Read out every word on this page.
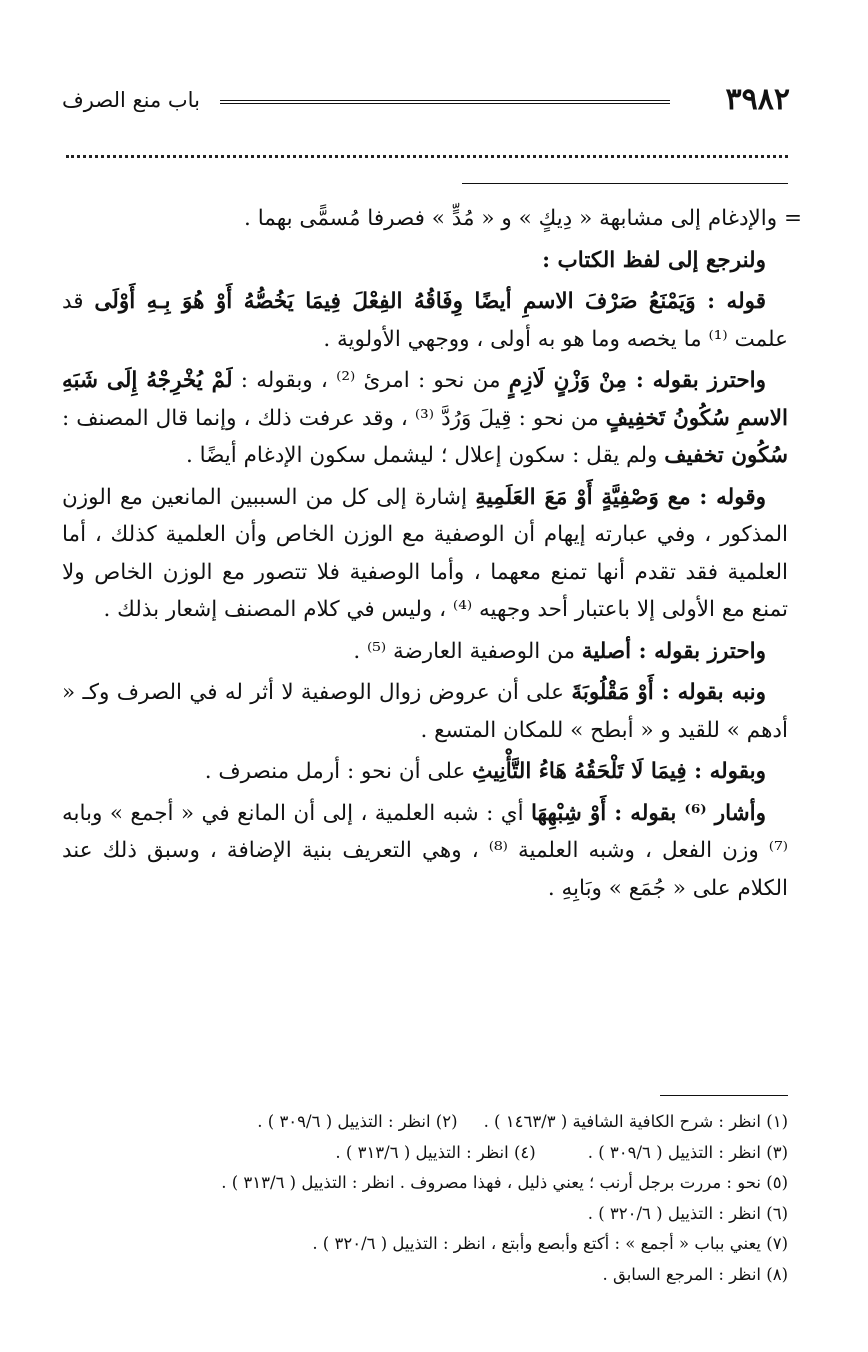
٣٩٨٢
باب منع الصرف

= والإدغام إلى مشابهة « دِيكٍ » و « مُدٍّ » فصرفا مُسمًّى بهما .

ولنرجع إلى لفظ الكتاب :

قوله : وَيَمْنَعُ صَرْفَ الاسمِ أيضًا وِفَاقُهُ الفِعْلَ فِيمَا يَخُصُّهُ أَوْ هُوَ بِـهِ أَوْلَى قد علمت ⁽¹⁾ ما يخصه وما هو به أولى ، ووجهي الأولوية .

واحترز بقوله : مِنْ وَزْنٍ لَازِمٍ من نحو : امرئ ⁽²⁾ ، وبقوله : لَمْ يُخْرِجْهُ إِلَى شَبَهِ الاسمِ سُكُونُ تَخفِيفٍ من نحو : قِيلَ وَرُدَّ ⁽³⁾ ، وقد عرفت ذلك ، وإنما قال المصنف : سُكُون تخفيف ولم يقل : سكون إعلال ؛ ليشمل سكون الإدغام أيضًا .

وقوله : مع وَصْفِيَّةٍ أَوْ مَعَ العَلَمِيةِ إشارة إلى كل من السببين المانعين مع الوزن المذكور ، وفي عبارته إيهام أن الوصفية مع الوزن الخاص وأن العلمية كذلك ، أما العلمية فقد تقدم أنها تمنع معهما ، وأما الوصفية فلا تتصور مع الوزن الخاص ولا تمنع مع الأولى إلا باعتبار أحد وجهيه ⁽⁴⁾ ، وليس في كلام المصنف إشعار بذلك .

واحترز بقوله : أصلية من الوصفية العارضة ⁽⁵⁾ .

ونبه بقوله : أَوْ مَقْلُوبَةَ على أن عروض زوال الوصفية لا أثر له في الصرف وكـ « أدهم » للقيد و « أبطح » للمكان المتسع .

وبقوله : فِيمَا لَا تَلْحَقُهُ هَاءُ التَّأْنِيثِ على أن نحو : أرمل منصرف .

وأشار ⁽⁶⁾ بقوله : أَوْ شِبْهِهَا أي : شبه العلمية ، إلى أن المانع في « أجمع » وبابه ⁽⁷⁾ وزن الفعل ، وشبه العلمية ⁽⁸⁾ ، وهي التعريف بنية الإضافة ، وسبق ذلك عند الكلام على « جُمَع » وبَابِهِ .

(١) انظر : شرح الكافية الشافية ( ١٤٦٣/٣ ) .(٢) انظر : التذييل ( ٣٠٩/٦ ) .

(٣) انظر : التذييل ( ٣٠٩/٦ ) .(٤) انظر : التذييل ( ٣١٣/٦ ) .

(٥) نحو : مررت برجل أرنب ؛ يعني ذليل ، فهذا مصروف . انظر : التذييل ( ٣١٣/٦ ) .

(٦) انظر : التذييل ( ٣٢٠/٦ ) .

(٧) يعني بباب « أجمع » : أكتع وأبصع وأبتع ، انظر : التذييل ( ٣٢٠/٦ ) .

(٨) انظر : المرجع السابق .
